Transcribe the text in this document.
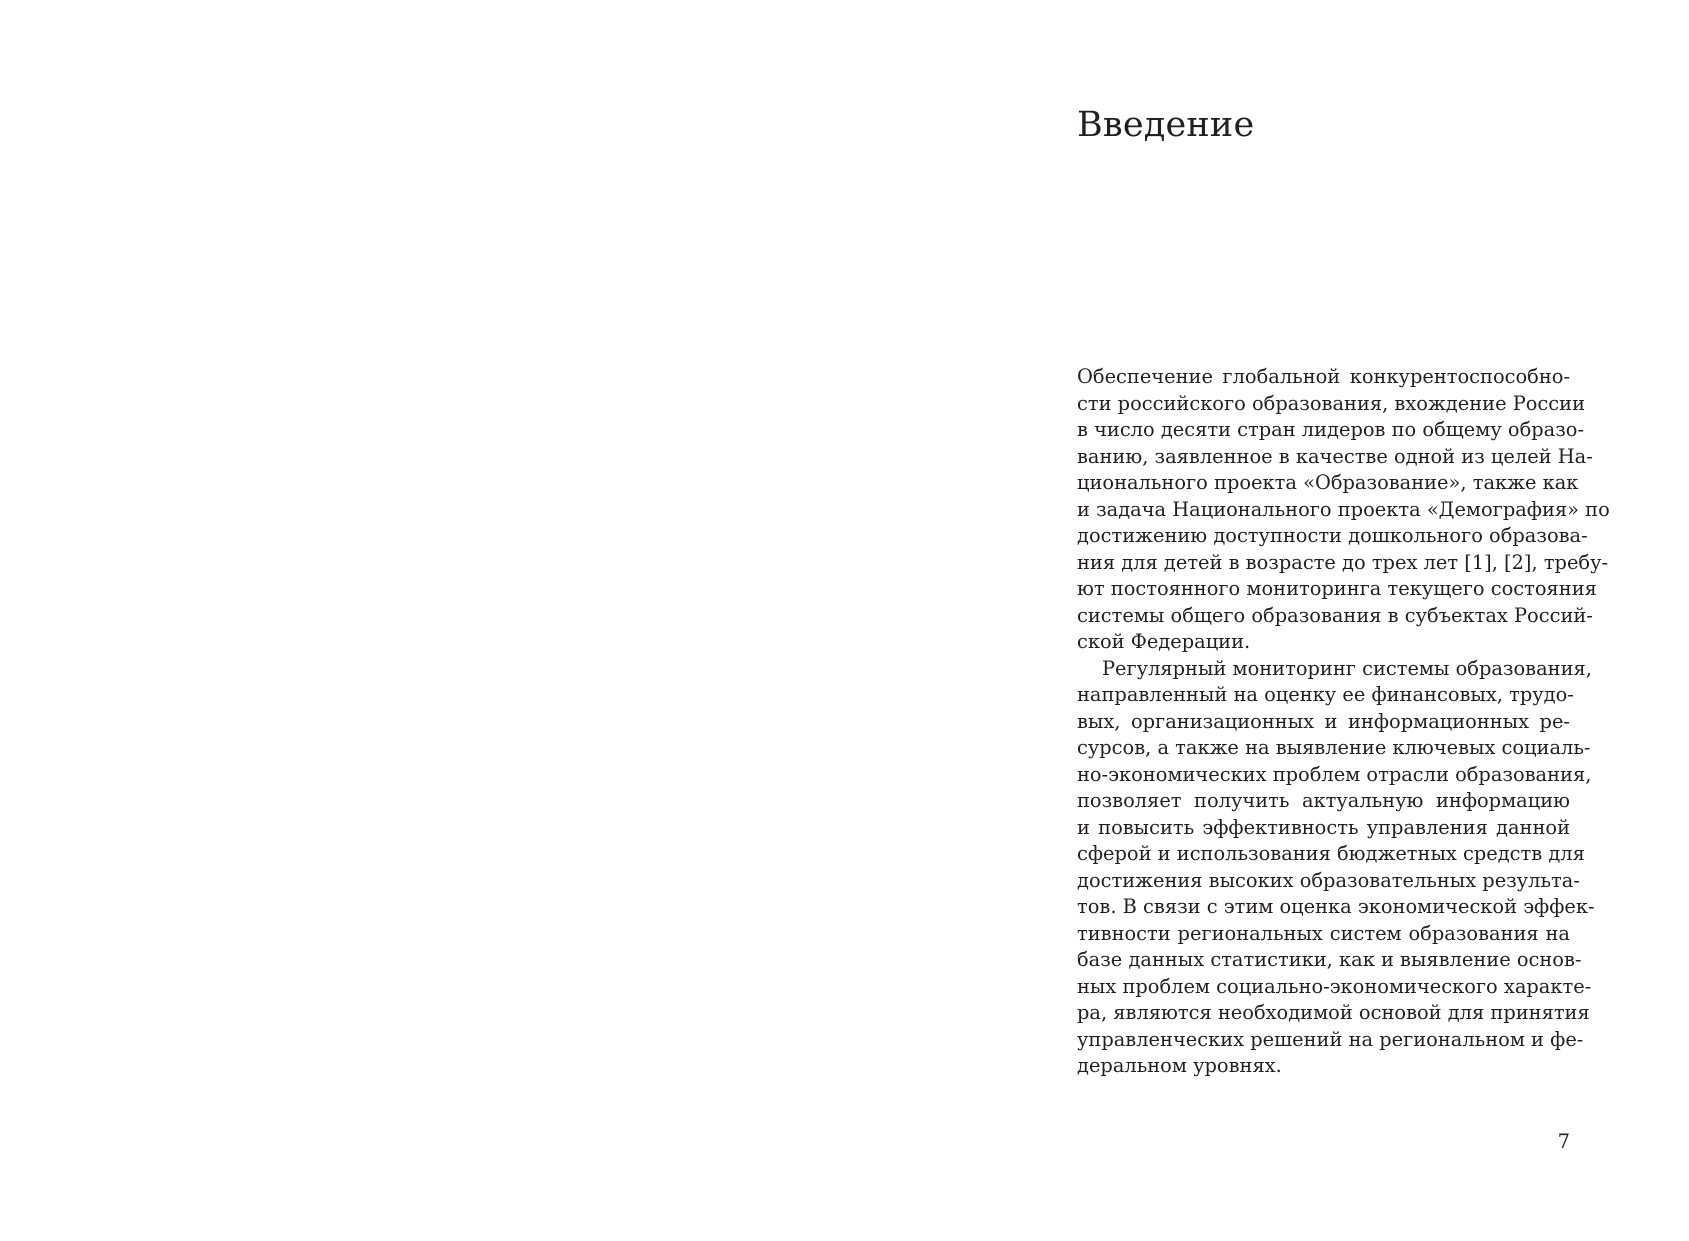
Введение
Обеспечение глобальной конкурентоспособно-
сти российского образования, вхождение России
в число десяти стран лидеров по общему образо-
ванию, заявленное в качестве одной из целей На-
ционального проекта «Образование», также как
и задача Национального проекта «Демография» по
достижению доступности дошкольного образова-
ния для детей в возрасте до трех лет [1], [2], требу-
ют постоянного мониторинга текущего состояния
системы общего образования в субъектах Россий-
ской Федерации.
Регулярный мониторинг системы образования,
направленный на оценку ее финансовых, трудо-
вых, организационных и информационных ре-
сурсов, а также на выявление ключевых социаль-
но-экономических проблем отрасли образования,
позволяет получить актуальную информацию
и повысить эффективность управления данной
сферой и использования бюджетных средств для
достижения высоких образовательных результа-
тов. В связи с этим оценка экономической эффек-
тивности региональных систем образования на
базе данных статистики, как и выявление основ-
ных проблем социально-экономического характе-
ра, являются необходимой основой для принятия
управленческих решений на региональном и фе-
деральном уровнях.
7
